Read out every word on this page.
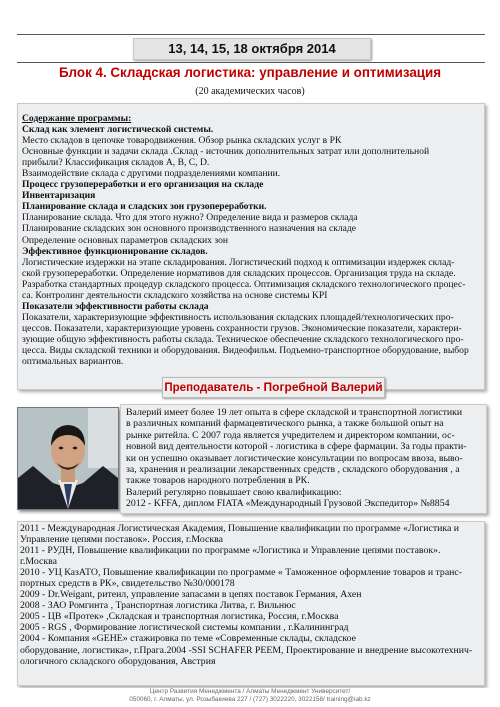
13, 14, 15, 18 октября 2014
Блок 4. Складская логистика: управление и оптимизация
(20 академических часов)
Содержание программы:
Склад как элемент логистической системы.
Место складов в цепочке товародвижения. Обзор рынка складских услуг в РК
Основные функции и задачи склада .Склад - источник дополнительных затрат или дополнительной
прибыли? Классификация складов A, B, C, D.
Взаимодействие склада с другими подразделениями компании.
Процесс грузопереработки и его организация на складе
Инвентаризация
Планирование склада и сладских зон грузопереработки.
Планирование склада. Что для этого нужно? Определение вида и размеров склада
Планирование складских зон основного производственного назначения на складе
Определение основных параметров складских зон
Эффективное функционирование складов.
Логистические издержки на этапе складирования. Логистический подход к оптимизации издержек склад-
ской грузопереработки. Определение нормативов для складских процессов. Организация труда на складе.
Разработка стандартных процедур складского процесса. Оптимизация складского технологического процес-
са. Контролинг деятельности складского хозяйства на основе системы KPI
Показатели эффективности работы склада
Показатели, характеризующие эффективность использования складских площадей/технологических про-
цессов. Показатели, характеризующие уровень сохранности грузов. Экономические показатели, характери-
зующие общую эффективность работы склада. Техническое обеспечение складского технологического про-
цесса. Виды складской техники и оборудования. Видеофильм. Подъемно-транспортное оборудование, выбор
оптимальных вариантов.
Преподаватель - Погребной Валерий
Валерий имеет более 19 лет опыта в сфере складской и транспортной логистики
в различных компаний фармацевтического рынка, а также большой опыт на
рынке ритейла. С 2007 года является учредителем и директором компании, ос-
новной вид деятельности которой - логистика в сфере фармации. За годы практи-
ки он успешно оказывает логистические консультации по вопросам ввоза, выво-
за, хранения и реализации лекарственных средств , складского оборудования , а
также товаров народного потребления в РК.
Валерий регулярно повышает свою квалификацию:
2012 - KFFA, диплом FIATA «Международный Грузовой Экспедитор» №8854
2011 - Международная Логистическая Академия, Повышение квалификации по программе «Логистика и
Управление цепями поставок». Россия, г.Москва
2011 - РУДН, Повышение квалификации по программе «Логистика и Управление цепями поставок».
г.Москва
2010 - УЦ КазАТО, Повышение квалификации по программе « Таможенное оформление товаров и транс-
портных средств в РК», свидетельство №30/000178
2009 - Dr.Weigant, ритеил, управление запасами в цепях поставок Германия, Ахен
2008 - ЗАО Ромгинта , Транспортная логистика Литва, г. Вильнюс
2005 - ЦВ «Протек» ,Складская и транспортная логистика, Россия, г.Москва
2005 - RGS , Формирование логистической системы компании , г.Калининград
2004 - Компания «GEHE» стажировка по теме «Современные склады, складское
оборудование, логистика», г.Прага.2004 -SSI SCHAFER PEEM, Проектирование и внедрение высокотехнич-
ологичного складского оборудования, Австрия
Центр Развития Менеджмента / Алматы Менеджмент Университет/
050060, г. Алматы, ул. Розыбакиева 227 / (727) 3022220, 3022158/ training@iab.kz
